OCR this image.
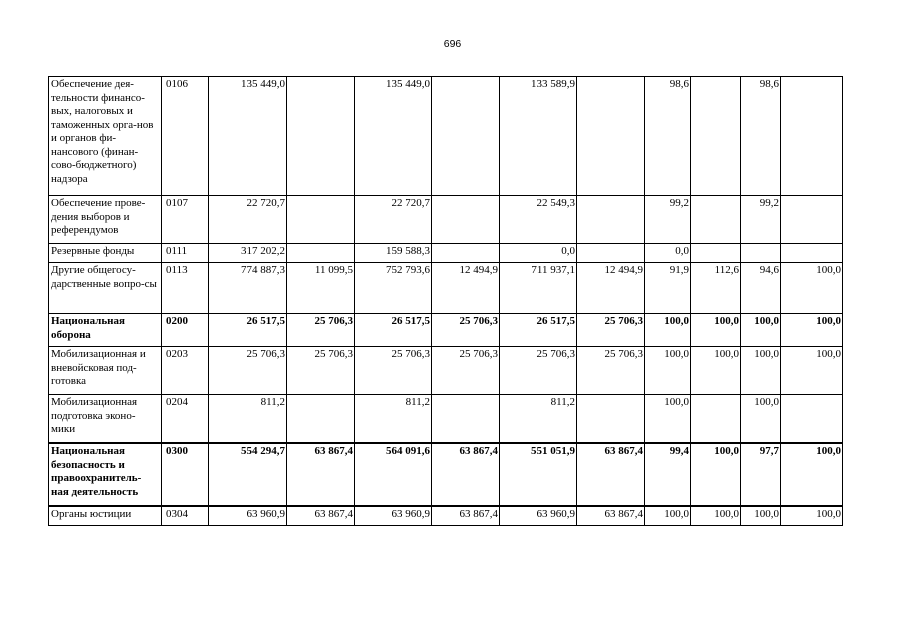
696
Обеспечение дея-тельности финансо-вых, налоговых и таможенных орга-нов и органов фи-нансового (финан-сово-бюджетного) надзора	0106	135 449,0		135 449,0		133 589,9		98,6		98,6	
Обеспечение прове-дения выборов и референдумов	0107	22 720,7		22 720,7		22 549,3		99,2		99,2	
Резервные фонды	0111	317 202,2		159 588,3		0,0		0,0			
Другие общегосу-дарственные вопро-сы	0113	774 887,3	11 099,5	752 793,6	12 494,9	711 937,1	12 494,9	91,9	112,6	94,6	100,0
Национальная оборона	0200	26 517,5	25 706,3	26 517,5	25 706,3	26 517,5	25 706,3	100,0	100,0	100,0	100,0
Мобилизационная и вневойсковая под-готовка	0203	25 706,3	25 706,3	25 706,3	25 706,3	25 706,3	25 706,3	100,0	100,0	100,0	100,0
Мобилизационная подготовка эконо-мики	0204	811,2		811,2		811,2		100,0		100,0	
Национальная безопасность и правоохранитель-ная деятельность	0300	554 294,7	63 867,4	564 091,6	63 867,4	551 051,9	63 867,4	99,4	100,0	97,7	100,0
Органы юстиции	0304	63 960,9	63 867,4	63 960,9	63 867,4	63 960,9	63 867,4	100,0	100,0	100,0	100,0
